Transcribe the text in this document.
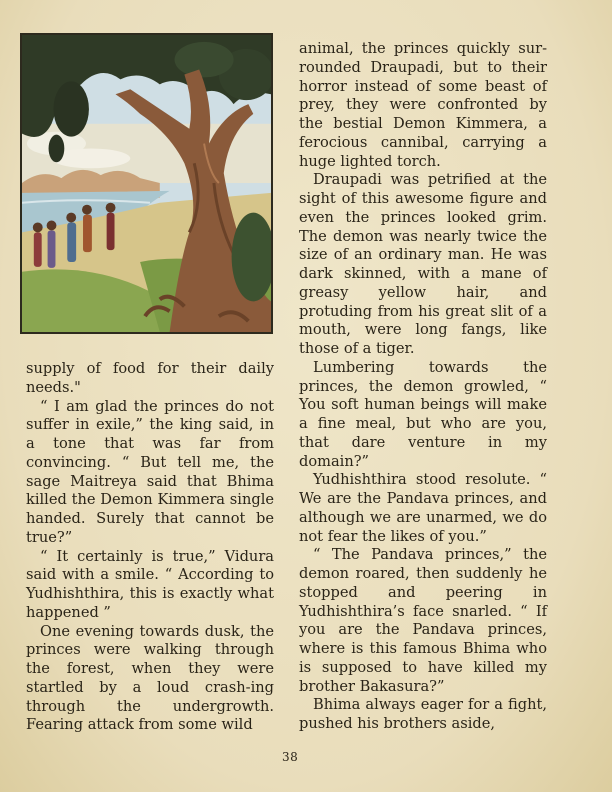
supply of food for their daily needs."

“ I am glad the princes do not suffer in exile,” the king said, in a tone that was far from convincing. “ But tell me, the sage Maitreya said that Bhima killed the Demon Kimmera single handed. Surely that cannot be true?”

“ It certainly is true,” Vidura said with a smile. “ According to Yudhishthira, this is exactly what happened ”

One evening towards dusk, the princes were walking through the forest, when they were startled by a loud crash-ing through the undergrowth. Fearing attack from some wild

animal, the princes quickly sur-rounded Draupadi, but to their horror instead of some beast of prey, they were confronted by the bestial Demon Kimmera, a ferocious cannibal, carrying a huge lighted torch.

Draupadi was petrified at the sight of this awesome figure and even the princes looked grim. The demon was nearly twice the size of an ordinary man. He was dark skinned, with a mane of greasy yellow hair, and protuding from his great slit of a mouth, were long fangs, like those of a tiger.

Lumbering towards the princes, the demon growled, “ You soft human beings will make a fine meal, but who are you, that dare venture in my domain?”

Yudhishthira stood resolute. “ We are the Pandava princes, and although we are unarmed, we do not fear the likes of you.”

“ The Pandava princes,” the demon roared, then suddenly he stopped and peering in Yudhishthira’s face snarled. “ If you are the Pandava princes, where is this famous Bhima who is supposed to have killed my brother Bakasura?”

Bhima always eager for a fight, pushed his brothers aside,

38
